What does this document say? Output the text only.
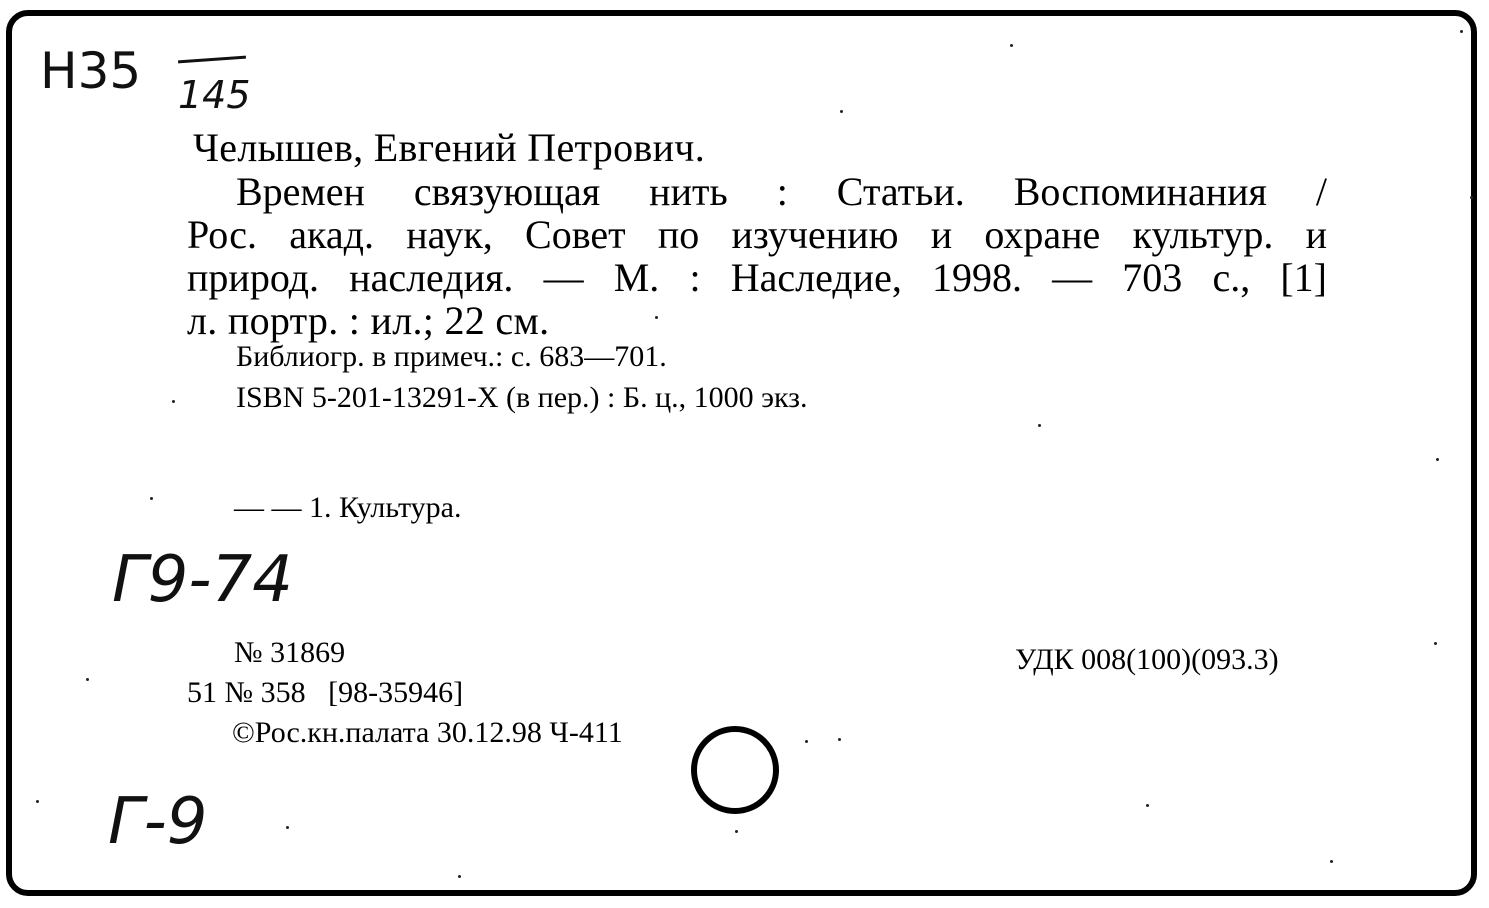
Н35 145
Челышев, Евгений Петрович.
Времен связующая нить : Статьи. Воспоминания /
Рос. акад. наук, Совет по изучению и охране культур. и
природ. наследия. — М. : Наследие, 1998. — 703 с., [1]
л. портр. : ил.; 22 см.
Библиогр. в примеч.: с. 683—701.
ISBN 5-201-13291-X (в пер.) : Б. ц., 1000 экз.
— — 1. Культура.
Г9-74
№ 31869
51 № 358   [98-35946]
©Рос.кн.палата 30.12.98 Ч-411
УДК 008(100)(093.3)
Г-9
